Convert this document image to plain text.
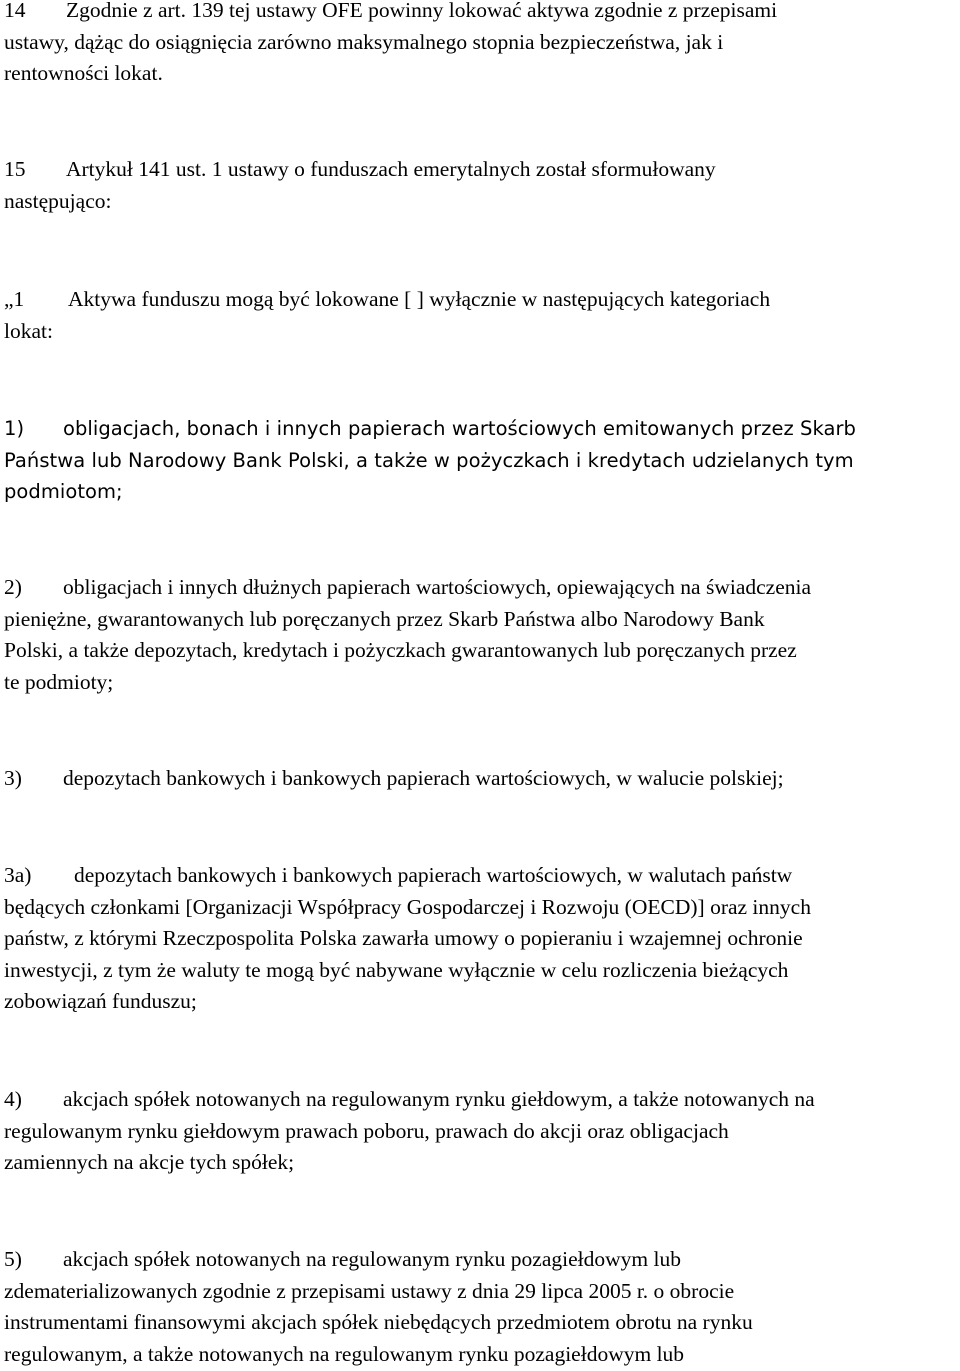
14 Zgodnie z art. 139 tej ustawy OFE powinny lokować aktywa zgodnie z przepisami
ustawy, dążąc do osiągnięcia zarówno maksymalnego stopnia bezpieczeństwa, jak i
rentowności lokat.

15 Artykuł 141 ust. 1 ustawy o funduszach emerytalnych został sformułowany
następująco:

„1 Aktywa funduszu mogą być lokowane [ ] wyłącznie w następujących kategoriach
lokat:

1) obligacjach, bonach i innych papierach wartościowych emitowanych przez Skarb
Państwa lub Narodowy Bank Polski, a także w pożyczkach i kredytach udzielanych tym
podmiotom;

2) obligacjach i innych dłużnych papierach wartościowych, opiewających na świadczenia
pieniężne, gwarantowanych lub poręczanych przez Skarb Państwa albo Narodowy Bank
Polski, a także depozytach, kredytach i pożyczkach gwarantowanych lub poręczanych przez
te podmioty;

3) depozytach bankowych i bankowych papierach wartościowych, w walucie polskiej;

3a) depozytach bankowych i bankowych papierach wartościowych, w walutach państw
będących członkami [Organizacji Współpracy Gospodarczej i Rozwoju (OECD)] oraz innych
państw, z którymi Rzeczpospolita Polska zawarła umowy o popieraniu i wzajemnej ochronie
inwestycji, z tym że waluty te mogą być nabywane wyłącznie w celu rozliczenia bieżących
zobowiązań funduszu;

4) akcjach spółek notowanych na regulowanym rynku giełdowym, a także notowanych na
regulowanym rynku giełdowym prawach poboru, prawach do akcji oraz obligacjach
zamiennych na akcje tych spółek;

5) akcjach spółek notowanych na regulowanym rynku pozagiełdowym lub
zdematerializowanych zgodnie z przepisami ustawy z dnia 29 lipca 2005 r. o obrocie
instrumentami finansowymi akcjach spółek niebędących przedmiotem obrotu na rynku
regulowanym, a także notowanych na regulowanym rynku pozagiełdowym lub
